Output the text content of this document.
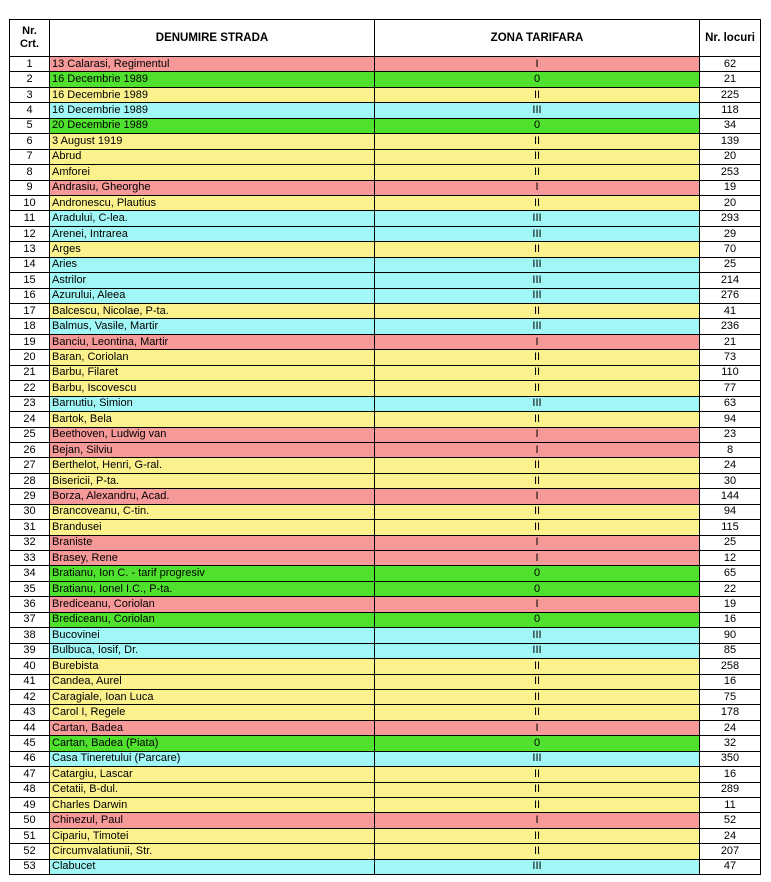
Nr.
Crt.	DENUMIRE STRADA	ZONA TARIFARA	Nr. locuri
1	13 Calarasi, Regimentul	I	62
2	16 Decembrie 1989	0	21
3	16 Decembrie 1989	II	225
4	16 Decembrie 1989	III	118
5	20 Decembrie 1989	0	34
6	3 August 1919	II	139
7	Abrud	II	20
8	Amforei	II	253
9	Andrasiu, Gheorghe	I	19
10	Andronescu, Plautius	II	20
11	Aradului, C-lea.	III	293
12	Arenei, Intrarea	III	29
13	Arges	II	70
14	Aries	III	25
15	Astrilor	III	214
16	Azurului, Aleea	III	276
17	Balcescu, Nicolae, P-ta.	II	41
18	Balmus, Vasile, Martir	III	236
19	Banciu, Leontina, Martir	I	21
20	Baran, Coriolan	II	73
21	Barbu, Filaret	II	110
22	Barbu, Iscovescu	II	77
23	Barnutiu, Simion	III	63
24	Bartok, Bela	II	94
25	Beethoven, Ludwig van	I	23
26	Bejan, Silviu	I	8
27	Berthelot, Henri, G-ral.	II	24
28	Bisericii, P-ta.	II	30
29	Borza, Alexandru, Acad.	I	144
30	Brancoveanu, C-tin.	II	94
31	Brandusei	II	115
32	Braniste	I	25
33	Brasey, Rene	I	12
34	Bratianu, Ion C. - tarif progresiv	0	65
35	Bratianu, Ionel I.C., P-ta.	0	22
36	Brediceanu, Coriolan	I	19
37	Brediceanu, Coriolan	0	16
38	Bucovinei	III	90
39	Bulbuca, Iosif, Dr.	III	85
40	Burebista	II	258
41	Candea, Aurel	II	16
42	Caragiale, Ioan Luca	II	75
43	Carol I, Regele	II	178
44	Cartan, Badea	I	24
45	Cartan, Badea (Piata)	0	32
46	Casa Tineretului (Parcare)	III	350
47	Catargiu, Lascar	II	16
48	Cetatii, B-dul.	II	289
49	Charles Darwin	II	11
50	Chinezul, Paul	I	52
51	Cipariu, Timotei	II	24
52	Circumvalatiunii, Str.	II	207
53	Clabucet	III	47
